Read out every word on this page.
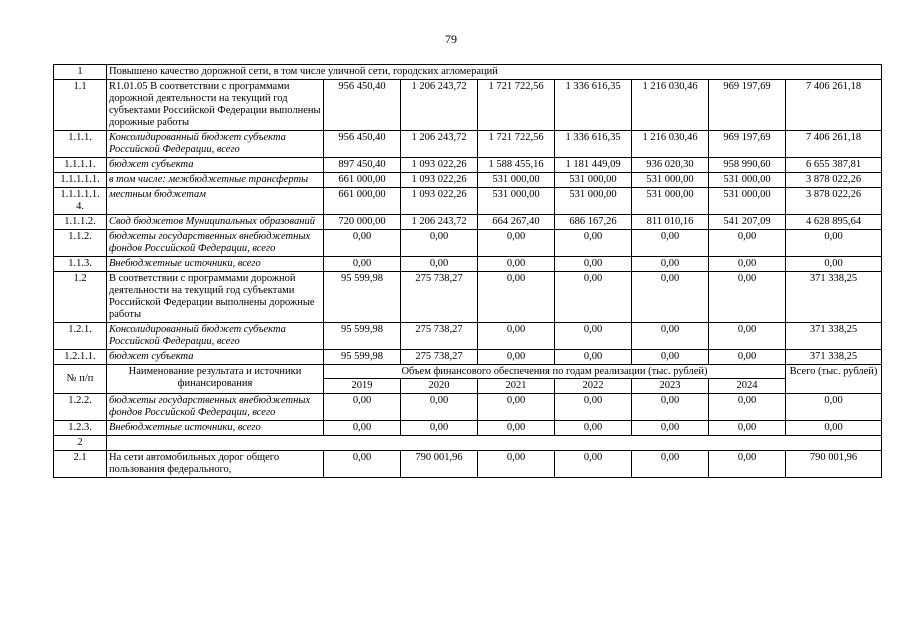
79
1	Повышено качество дорожной сети, в том числе уличной сети, городских агломераций							
1.1	R1.01.05 В соответствии с программами дорожной деятельности на текущий год субъектами Российской Федерации выполнены дорожные работы	956 450,40	1 206 243,72	1 721 722,56	1 336 616,35	1 216 030,46	969 197,69	7 406 261,18
1.1.1.	Консолидированный бюджет субъекта Российской Федерации, всего	956 450,40	1 206 243,72	1 721 722,56	1 336 616,35	1 216 030,46	969 197,69	7 406 261,18
1.1.1.1.	бюджет субъекта	897 450,40	1 093 022,26	1 588 455,16	1 181 449,09	936 020,30	958 990,60	6 655 387,81
1.1.1.1.1.	в том числе: межбюджетные трансферты	661 000,00	1 093 022,26	531 000,00	531 000,00	531 000,00	531 000,00	3 878 022,26
1.1.1.1.1. 4.	местным бюджетам	661 000,00	1 093 022,26	531 000,00	531 000,00	531 000,00	531 000,00	3 878 022,26
1.1.1.2.	Свод бюджетов Муниципальных образований	720 000,00	1 206 243,72	664 267,40	686 167,26	811 010,16	541 207,09	4 628 895,64
1.1.2.	бюджеты государственных внебюджетных фондов Российской Федерации, всего	0,00	0,00	0,00	0,00	0,00	0,00	0,00
1.1.3.	Внебюджетные источники, всего	0,00	0,00	0,00	0,00	0,00	0,00	0,00
1.2	В соответствии с программами дорожной деятельности на текущий год субъектами Российской Федерации выполнены дорожные работы	95 599,98	275 738,27	0,00	0,00	0,00	0,00	371 338,25
1.2.1.	Консолидированный бюджет субъекта Российской Федерации, всего	95 599,98	275 738,27	0,00	0,00	0,00	0,00	371 338,25
1.2.1.1.	бюджет субъекта	95 599,98	275 738,27	0,00	0,00	0,00	0,00	371 338,25
№ п/п	Наименование результата и источники финансирования	Объем финансового обеспечения по годам реализации (тыс. рублей)						Всего (тыс. рублей)
		2019	2020	2021	2022	2023	2024	
1.2.2.	бюджеты государственных внебюджетных фондов Российской Федерации, всего	0,00	0,00	0,00	0,00	0,00	0,00	0,00
1.2.3.	Внебюджетные источники, всего	0,00	0,00	0,00	0,00	0,00	0,00	0,00
2								
2.1	На сети автомобильных дорог общего пользования федерального,	0,00	790 001,96	0,00	0,00	0,00	0,00	790 001,96
